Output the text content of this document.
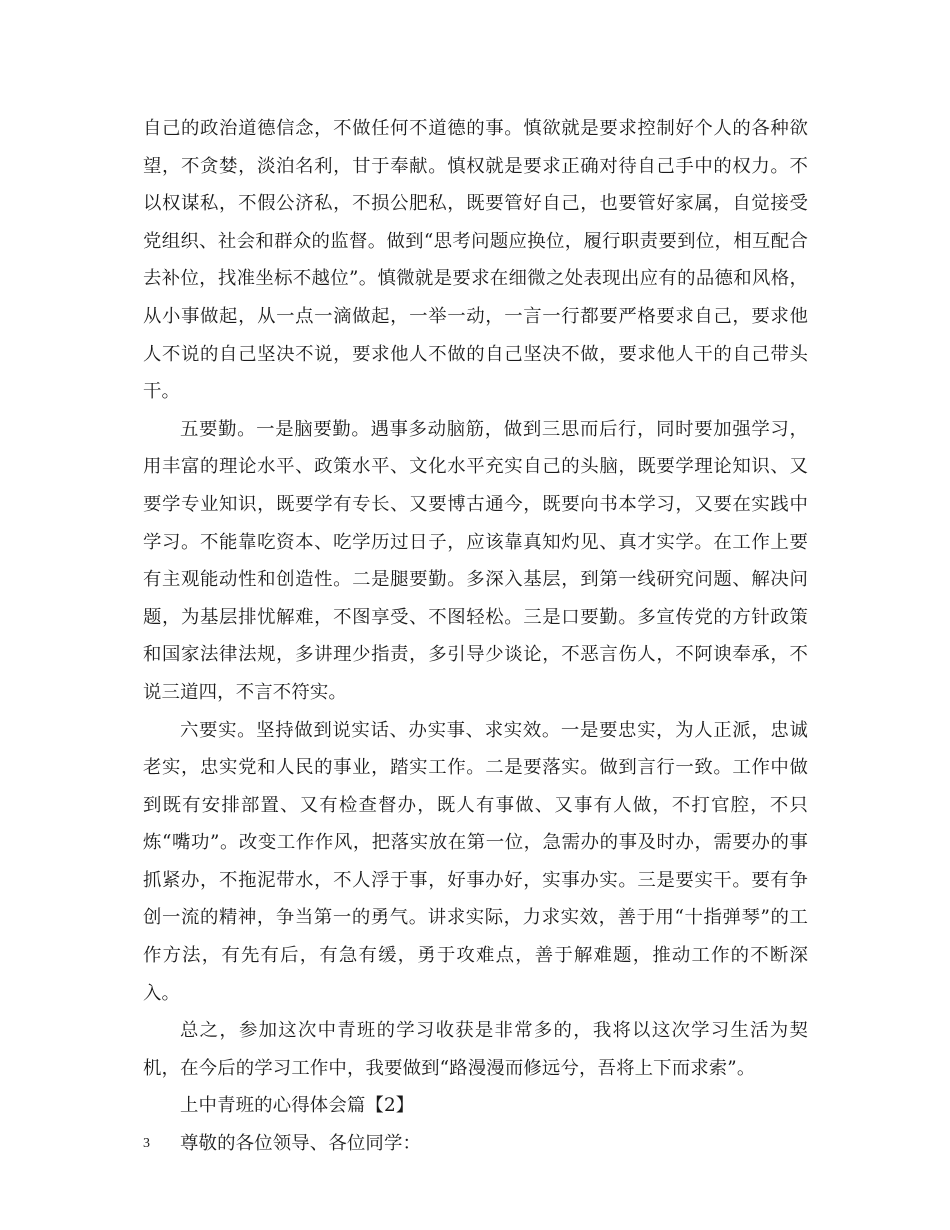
自己的政治道德信念，不做任何不道德的事。慎欲就是要求控制好个人的各种欲望，不贪婪，淡泊名利，甘于奉献。慎权就是要求正确对待自己手中的权力。不以权谋私，不假公济私，不损公肥私，既要管好自己，也要管好家属，自觉接受党组织、社会和群众的监督。做到“思考问题应换位，履行职责要到位，相互配合去补位，找准坐标不越位”。慎微就是要求在细微之处表现出应有的品德和风格，从小事做起，从一点一滴做起，一举一动，一言一行都要严格要求自己，要求他人不说的自己坚决不说，要求他人不做的自己坚决不做，要求他人干的自己带头干。

五要勤。一是脑要勤。遇事多动脑筋，做到三思而后行，同时要加强学习，用丰富的理论水平、政策水平、文化水平充实自己的头脑，既要学理论知识、又要学专业知识，既要学有专长、又要博古通今，既要向书本学习，又要在实践中学习。不能靠吃资本、吃学历过日子，应该靠真知灼见、真才实学。在工作上要有主观能动性和创造性。二是腿要勤。多深入基层，到第一线研究问题、解决问题，为基层排忧解难，不图享受、不图轻松。三是口要勤。多宣传党的方针政策和国家法律法规，多讲理少指责，多引导少谈论，不恶言伤人，不阿谀奉承，不说三道四，不言不符实。

六要实。坚持做到说实话、办实事、求实效。一是要忠实，为人正派，忠诚老实，忠实党和人民的事业，踏实工作。二是要落实。做到言行一致。工作中做到既有安排部置、又有检查督办，既人有事做、又事有人做，不打官腔，不只炼“嘴功”。改变工作作风，把落实放在第一位，急需办的事及时办，需要办的事抓紧办，不拖泥带水，不人浮于事，好事办好，实事办实。三是要实干。要有争创一流的精神，争当第一的勇气。讲求实际，力求实效，善于用“十指弹琴”的工作方法，有先有后，有急有缓，勇于攻难点，善于解难题，推动工作的不断深入。

总之，参加这次中青班的学习收获是非常多的，我将以这次学习生活为契机，在今后的学习工作中，我要做到“路漫漫而修远兮，吾将上下而求索”。

上中青班的心得体会篇【2】

尊敬的各位领导、各位同学：

3
